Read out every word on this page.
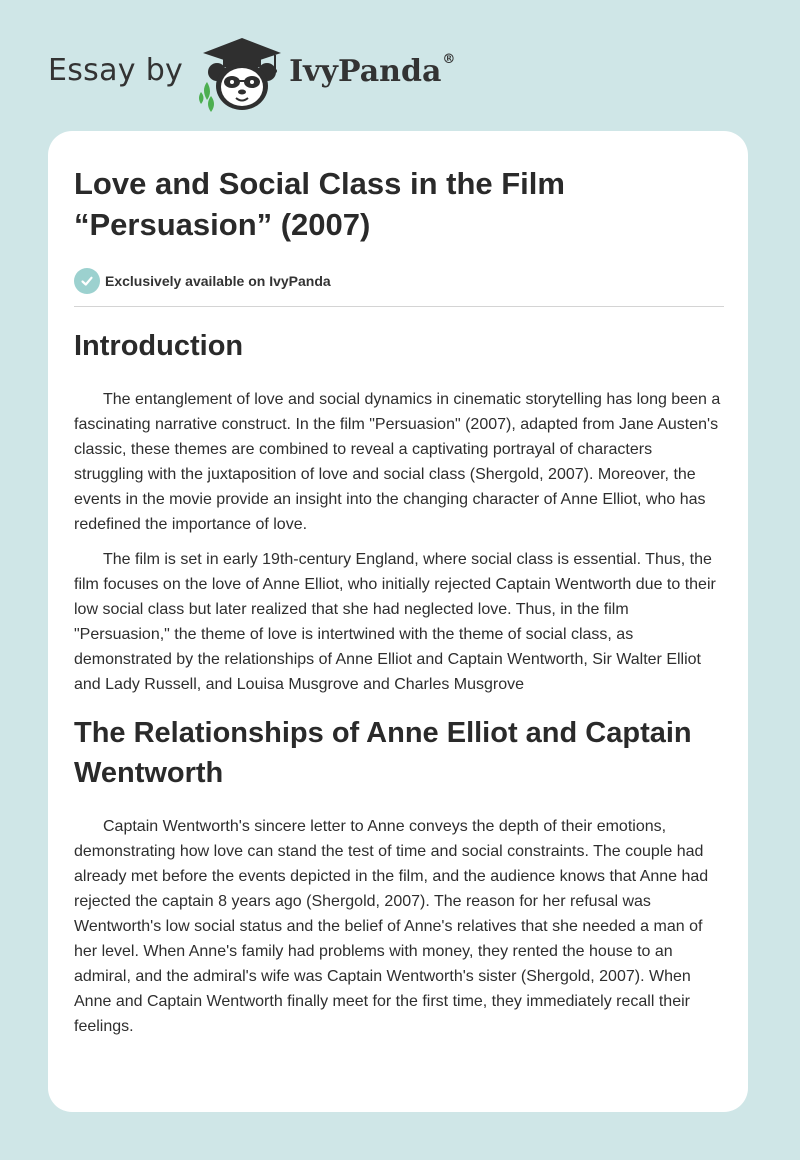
Essay by	IvyPanda®
Love and Social Class in the Film “Persuasion” (2007)
Exclusively available on IvyPanda
Introduction

The entanglement of love and social dynamics in cinematic storytelling has long been a fascinating narrative construct. In the film "Persuasion" (2007), adapted from Jane Austen's classic, these themes are combined to reveal a captivating portrayal of characters struggling with the juxtaposition of love and social class (Shergold, 2007). Moreover, the events in the movie provide an insight into the changing character of Anne Elliot, who has redefined the importance of love.

The film is set in early 19th-century England, where social class is essential. Thus, the film focuses on the love of Anne Elliot, who initially rejected Captain Wentworth due to their low social class but later realized that she had neglected love. Thus, in the film "Persuasion," the theme of love is intertwined with the theme of social class, as demonstrated by the relationships of Anne Elliot and Captain Wentworth, Sir Walter Elliot and Lady Russell, and Louisa Musgrove and Charles Musgrove

The Relationships of Anne Elliot and Captain Wentworth

Captain Wentworth's sincere letter to Anne conveys the depth of their emotions, demonstrating how love can stand the test of time and social constraints. The couple had already met before the events depicted in the film, and the audience knows that Anne had rejected the captain 8 years ago (Shergold, 2007). The reason for her refusal was Wentworth's low social status and the belief of Anne's relatives that she needed a man of her level. When Anne's family had problems with money, they rented the house to an admiral, and the admiral's wife was Captain Wentworth's sister (Shergold, 2007). When Anne and Captain Wentworth finally meet for the first time, they immediately recall their feelings.
